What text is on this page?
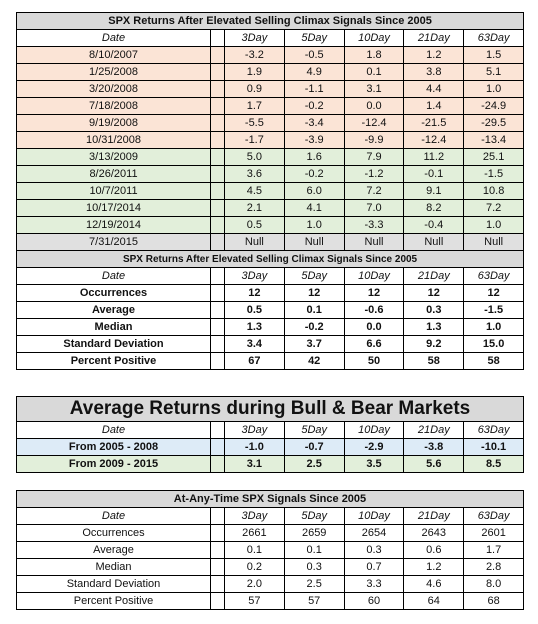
SPX Returns After Elevated Selling Climax Signals Since 2005						
Date		3Day	5Day	10Day	21Day	63Day
8/10/2007		-3.2	-0.5	1.8	1.2	1.5
1/25/2008		1.9	4.9	0.1	3.8	5.1
3/20/2008		0.9	-1.1	3.1	4.4	1.0
7/18/2008		1.7	-0.2	0.0	1.4	-24.9
9/19/2008		-5.5	-3.4	-12.4	-21.5	-29.5
10/31/2008		-1.7	-3.9	-9.9	-12.4	-13.4
3/13/2009		5.0	1.6	7.9	11.2	25.1
8/26/2011		3.6	-0.2	-1.2	-0.1	-1.5
10/7/2011		4.5	6.0	7.2	9.1	10.8
10/17/2014		2.1	4.1	7.0	8.2	7.2
12/19/2014		0.5	1.0	-3.3	-0.4	1.0
7/31/2015		Null	Null	Null	Null	Null
SPX Returns After Elevated Selling Climax Signals Since 2005						
Date		3Day	5Day	10Day	21Day	63Day
Occurrences		12	12	12	12	12
Average		0.5	0.1	-0.6	0.3	-1.5
Median		1.3	-0.2	0.0	1.3	1.0
Standard Deviation		3.4	3.7	6.6	9.2	15.0
Percent Positive		67	42	50	58	58
Average Returns during Bull & Bear Markets						
Date		3Day	5Day	10Day	21Day	63Day
From 2005 - 2008		-1.0	-0.7	-2.9	-3.8	-10.1
From 2009 - 2015		3.1	2.5	3.5	5.6	8.5
At-Any-Time SPX Signals Since 2005						
Date		3Day	5Day	10Day	21Day	63Day
Occurrences		2661	2659	2654	2643	2601
Average		0.1	0.1	0.3	0.6	1.7
Median		0.2	0.3	0.7	1.2	2.8
Standard Deviation		2.0	2.5	3.3	4.6	8.0
Percent Positive		57	57	60	64	68
